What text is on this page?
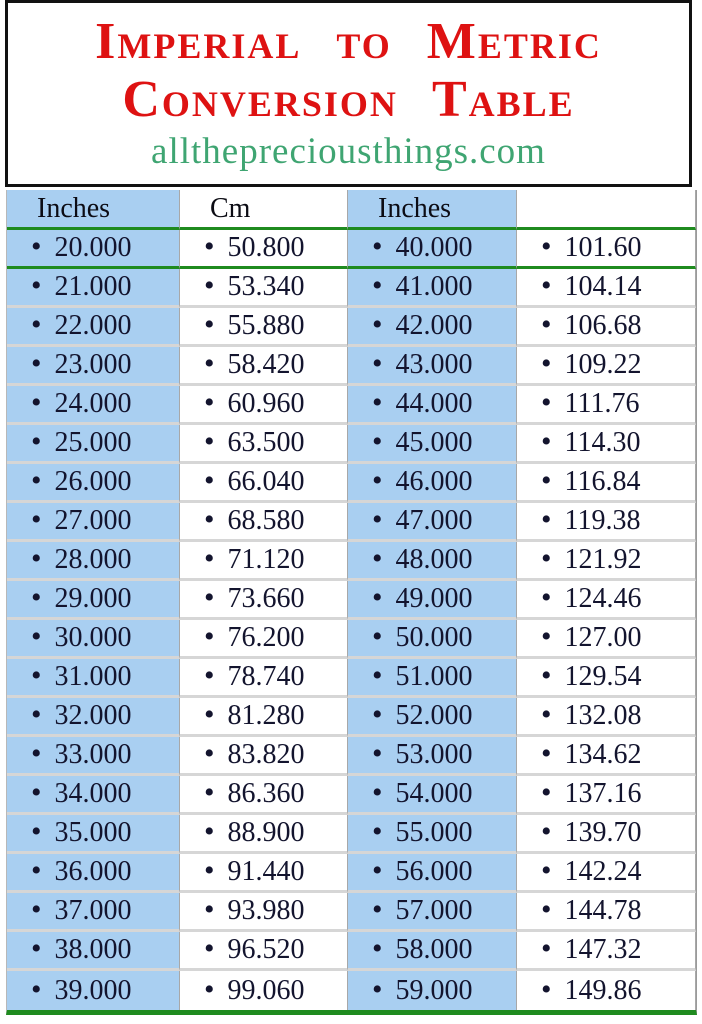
Imperial to Metric
Conversion Table
allthepreciousthings.com
Inches	Cm	Inches
• 20.000 • 50.800 • 40.000 • 101.60
• 21.000 • 53.340 • 41.000 • 104.14
• 22.000 • 55.880 • 42.000 • 106.68
• 23.000 • 58.420 • 43.000 • 109.22
• 24.000 • 60.960 • 44.000 • 111.76
• 25.000 • 63.500 • 45.000 • 114.30
• 26.000 • 66.040 • 46.000 • 116.84
• 27.000 • 68.580 • 47.000 • 119.38
• 28.000 • 71.120 • 48.000 • 121.92
• 29.000 • 73.660 • 49.000 • 124.46
• 30.000 • 76.200 • 50.000 • 127.00
• 31.000 • 78.740 • 51.000 • 129.54
• 32.000 • 81.280 • 52.000 • 132.08
• 33.000 • 83.820 • 53.000 • 134.62
• 34.000 • 86.360 • 54.000 • 137.16
• 35.000 • 88.900 • 55.000 • 139.70
• 36.000 • 91.440 • 56.000 • 142.24
• 37.000 • 93.980 • 57.000 • 144.78
• 38.000 • 96.520 • 58.000 • 147.32
• 39.000 • 99.060 • 59.000 • 149.86
